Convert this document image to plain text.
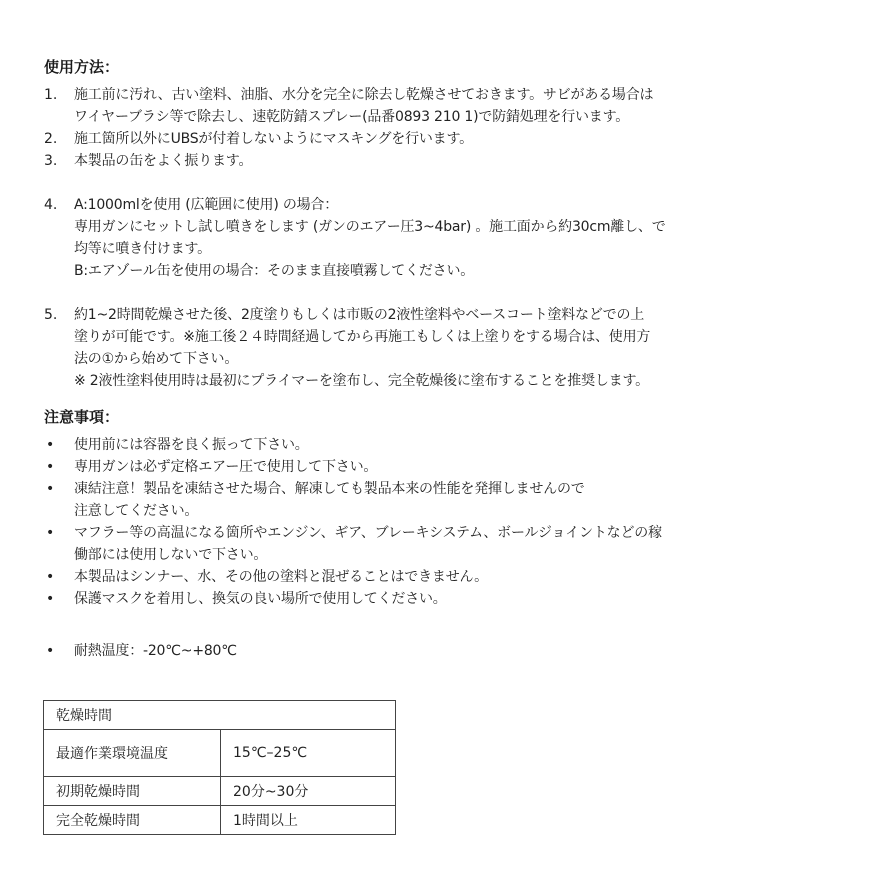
使用方法：
1.	施工前に汚れ、古い塗料、油脂、水分を完全に除去し乾燥させておきます。サビがある場合は
ワイヤーブラシ等で除去し、速乾防錆スプレー(品番0893 210 1)で防錆処理を行います。
2.	施工箇所以外にUBSが付着しないようにマスキングを行います。
3.	本製品の缶をよく振ります。
4.	A:1000mlを使用 (広範囲に使用) の場合：
専用ガンにセットし試し噴きをします (ガンのエアー圧3~4bar) 。施工面から約30cm離し、で
均等に噴き付けます。
B:エアゾール缶を使用の場合：そのまま直接噴霧してください。
5.	約1~2時間乾燥させた後、2度塗りもしくは市販の2液性塗料やベースコート塗料などでの上
塗りが可能です。※施工後２４時間経過してから再施工もしくは上塗りをする場合は、使用方
法の①から始めて下さい。
※ 2液性塗料使用時は最初にプライマーを塗布し、完全乾燥後に塗布することを推奨します。
注意事項：
•	使用前には容器を良く振って下さい。
•	専用ガンは必ず定格エアー圧で使用して下さい。
•	凍結注意！製品を凍結させた場合、解凍しても製品本来の性能を発揮しませんので
注意してください。
•	マフラー等の高温になる箇所やエンジン、ギア、ブレーキシステム、ボールジョイントなどの稼
働部には使用しないで下さい。
•	本製品はシンナー、水、その他の塗料と混ぜることはできません。
•	保護マスクを着用し、換気の良い場所で使用してください。
•	耐熱温度：-20℃~+80℃
乾燥時間	
最適作業環境温度	15℃–25℃
初期乾燥時間	20分~30分
完全乾燥時間	1時間以上
